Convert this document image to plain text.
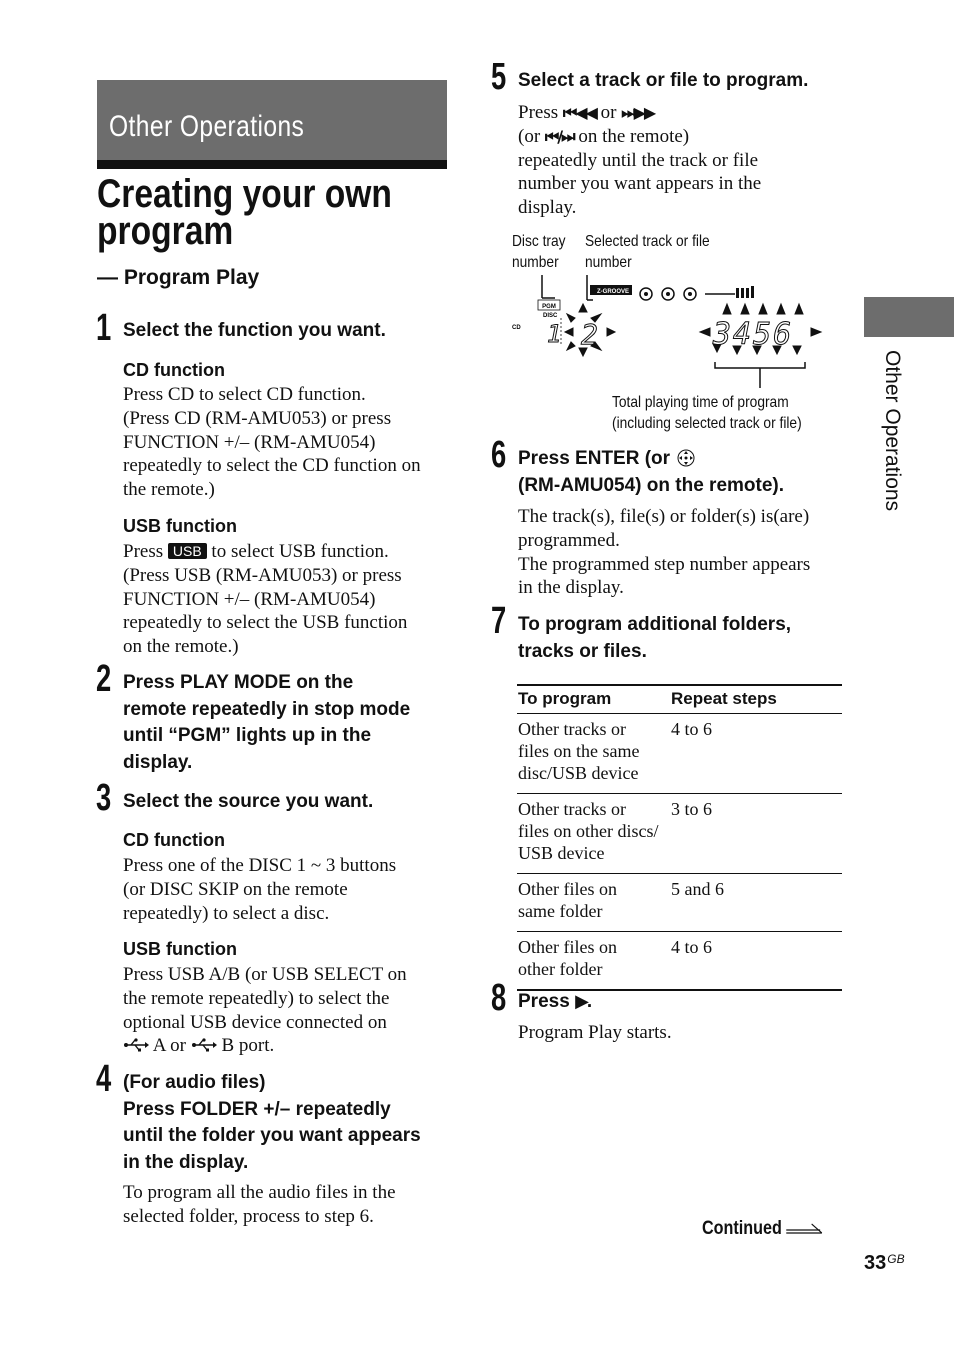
Other Operations
Other Operations
Creating your own
program
— Program Play
1 Select the function you want.
CD function
Press CD to select CD function.
(Press CD (RM-AMU053) or press
FUNCTION +/– (RM-AMU054)
repeatedly to select the CD function on
the remote.)
USB function
Press USB to select USB function.
(Press USB (RM-AMU053) or press
FUNCTION +/– (RM-AMU054)
repeatedly to select the USB function
on the remote.)
2 Press PLAY MODE on the
remote repeatedly in stop mode
until “PGM” lights up in the
display.
3 Select the source you want.
CD function
Press one of the DISC 1 ~ 3 buttons
(or DISC SKIP on the remote
repeatedly) to select a disc.
USB function
Press USB A/B (or USB SELECT on
the remote repeatedly) to select the
optional USB device connected on
A or B port.
4 (For audio files)
Press FOLDER +/– repeatedly
until the folder you want appears
in the display.
To program all the audio files in the
selected folder, process to step 6.
5 Select a track or file to program.
Press ⏮◀◀ or ⏭▶▶
(or ⏮/⏭ on the remote)
repeatedly until the track or file
number you want appears in the
display.
Disc tray
number
Selected track or file
number
PGM
DISC
CD
Z-GROOVE
1 2	3456
Total playing time of program
(including selected track or file)
6 Press ENTER (or
(RM-AMU054) on the remote).
The track(s), file(s) or folder(s) is(are)
programmed.
The programmed step number appears
in the display.
7 To program additional folders,
tracks or files.
To program	Repeat steps

Other tracks or
files on the same
disc/USB device	4 to 6

Other tracks or
files on other discs/
USB device	3 to 6

Other files on
same folder	5 and 6

Other files on
other folder	4 to 6
8 Press ▶.
Program Play starts.
Continued
$33^{GB}$
